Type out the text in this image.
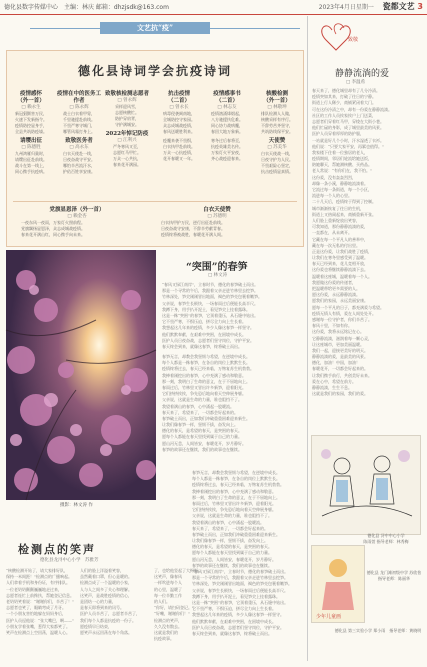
德化县数字传媒中心　主编：林庆 邮箱：dhzjsdk@163.com	2023年4月日星期一 瓷都文艺 3
文艺抗“疫”
致敬
德化县诗词学会抗疫诗词
疫情感怀
（外一首）
□ 赖永生
新冠猖獗害万民，
火速下发新指令。
疫情防控显身手，
全县共筑防疫墙。
请缨出征
□ 陈德胜
九州鸿雁归巢时，
请缨出征赴前线。
战斗在第一线上，
同心携手抗疫病。
疫情在中的医务工作者
□ 陈永辉
战士白衣着甲胄，
千里驰援赴前线。
不畏严寒守城门，
哪管风霜打身上。
致敬医务者
□ 高永东
白衣天使赴一线，
日夜奋战守平安。
哪怕辛苦流汗水，
护佑百姓享安康。
致敬核检测志愿者
□ 曾永辉
采样迎风雪，
志愿核酸忙。
防护穿肩背，
守护满城安。
2022年悼记防疫
□ 江利兴
严冬寒风又至，
志愿红马甲忙。
万众一心共抗，
春来花开满园。
抗击疫情
（二首）
□ 曾永长
病毒侵袭闽南地，
全城防控守家园。
众志成城战疫情，
春风送暖胜利来。
疫魔来袭不畏惧，
白衣执甲赴前线。
万众一心抗疫情，
花开春暖又一年。
疫情感事书
（二首）
□ 林志友
疫情汹涌烽烟起，
八方驰援扶危难。
同心协力战病魔，
春回大地万象新。
寒冬过后春将至，
抗疫英雄美名传。
万家灯火平安夜，
齐心战疫迎春来。
核酸检测
（外一首）
□ 林敬坤
排队检测人人做，
核酸采样有序行。
不辞劳苦齐坚守，
共筑防线保平安。
天使赞
□ 苏美华
白衣天使战一线，
日夜守护为人民。
不畏艰险心坚定，
抗击疫情显真情。
党旗显恩泽（外一首）
□ 赖金杏
一夜东风一夜雨，万家灯火照前程。
党旗飘扬显恩泽，众志成城战疫情。
春来花开满山红，同心携手向未来。
白衣天使赞
□ 苏德明
白衣执甲护万民，逆行出征赴前线。
日夜奋战守安康，不辞辛劳献青春。
疫情终将被战胜，春暖花开满人间。
摄影：林文涛 作
“突围”的春笋
□ 林文涛
“春风又绿江南岸”，立春时节，德化的春笋破土而出。
那是一个寻常的午后，我跟着父亲走进竹林里去挖笋。
竹林深处，笋尖刚刚冒出地面，褐色的笋壳包裹着嫩笋。
父亲说，春笋生长极快，一场春雨过后便能长高半尺。
我蹲下身，用手扒开泥土，看见笋尖上挂着露珠。
这是一株“突围”的春笋，它顶着重压，从石缝中钻出。
它不畏严寒，不惧压迫，拼尽全力向上生长着。
我想起这几年来的疫情，多少人像这春笋一样坚守。
他们默默奉献，在艰难中突围，在困境中成长。
医护人员日夜奋战，志愿者们坚守岗位，守护平安。
春天终会到来，就像这春笋，终将破土而出。
春笋无言，却教会我坚韧与希望，在逆境中成长。
每个人都是一株春笋，在各自的岗位上默默生长。
疫情终将过去，春天已经来临，万物复苏生机勃勃。
我捧着刚挖出的春笋，心中充满了感动和敬意。
那一刻，我明白了生命的意义，在于不屈地向上。
春雨过后，竹林里又冒出许多新笋，迎着阳光。
它们挤挤挨挨，争先恐后地向着天空伸展身躯。
父亲说，这就是生命的力量，谁也阻挡不了。
我望着满山的春笋，心中涌起一股暖流。
春天来了，希望来了，一切都会好起来的。
春笋破土而出，正如我们冲破重重困难迎来新生。
让我们像春笋一样，坚韧不拔，奋发向上。
德化的春天，是希望的春天，是突围的春天。
愿每个人都能在春天里找到属于自己的力量。
愿山河无恙，人间皆安，春暖花开，岁月静好。
春笋的故事还在继续，我们的故事也在继续。
检测点的笑声
德化县龙浔中心小学　苏雅芳
“核酸检测开始了，请大家排好队，
保持一米间距！”检测点的广播响起。
人们拿着手机和身份证，有序排队。
一位老奶奶颤颤巍巍地走过来，
志愿者连忙上前搀扶，帮她登记信息。
老奶奶笑着说：“谢谢你们，辛苦了！”
志愿者也笑了，眼睛弯成了月牙。
一个小朋友害怕地躲在妈妈身后，
医护人员逗他说：“张大嘴巴，啊——”
小朋友学着张嘴，惹得大家都笑了。
笑声在检测点上空回荡，温暖人心。
人们的脸上洋溢着笑容，
虽然戴着口罩，但心是暖的。
检测点成了一个温暖的小家，
人与人之间多了关心和理解。
这笑声，是战胜疫情的信心，
是团结一心的力量，
是春天即将到来的讯号。
医护人员辛苦了，志愿者辛苦了，
我们每个人都是抗疫的一份子。
愿疫情早日结束，
愿笑声永远回荡在每个角落。
了，也给他竖起了大拇指。
这笑声，像春风
一样吹进每个人
的心里，温暖了
每一位辛勤工作
的人们。
“你好，请扫码登记。”
“好嘞，谢谢你们！”
检测点的笑声，
久久没有散去。
这就是我们的
抗疫故事。
春笋无言，却教会我坚韧与希望，在逆境中成长。
每个人都是一株春笋，在各自的岗位上默默生长。
疫情终将过去，春天已经来临，万物复苏生机勃勃。
我捧着刚挖出的春笋，心中充满了感动和敬意。
那一刻，我明白了生命的意义，在于不屈地向上。
春雨过后，竹林里又冒出许多新笋，迎着阳光。
它们挤挤挨挨，争先恐后地向着天空伸展身躯。
父亲说，这就是生命的力量，谁也阻挡不了。
我望着满山的春笋，心中涌起一股暖流。
春天来了，希望来了，一切都会好起来的。
春笋破土而出，正如我们冲破重重困难迎来新生。
让我们像春笋一样，坚韧不拔，奋发向上。
德化的春天，是希望的春天，是突围的春天。
愿每个人都能在春天里找到属于自己的力量。
愿山河无恙，人间皆安，春暖花开，岁月静好。
春笋的故事还在继续，我们的故事也在继续。
“春风又绿江南岸”，立春时节，德化的春笋破土而出。
那是一个寻常的午后，我跟着父亲走进竹林里去挖笋。
竹林深处，笋尖刚刚冒出地面，褐色的笋壳包裹着嫩笋。
父亲说，春笋生长极快，一场春雨过后便能长高半尺。
我蹲下身，用手扒开泥土，看见笋尖上挂着露珠。
这是一株“突围”的春笋，它顶着重压，从石缝中钻出。
它不畏严寒，不惧压迫，拼尽全力向上生长着。
我想起这几年来的疫情，多少人像这春笋一样坚守。
他们默默奉献，在艰难中突围，在困境中成长。
医护人员日夜奋战，志愿者们坚守岗位，守护平安。
春天终会到来，就像这春笋，终将破土而出。
静静流淌的爱
□ 李温希
春天来了，德化城里却有了几分冷清。
疫情突如其来，打破了往日的宁静。
街道上行人稀少，商铺紧闭着大门。
可在这份冷清之中，却有一份爱在静静流淌。
社区的工作人员挨家挨户上门送菜，
志愿者们穿着红马甲，穿梭在大街小巷。
他们忙碌的身影，成了城里最美的风景。
医护人员穿着厚厚的防护服，
一站就是好几个小时，汗水湿透了衣衫。
他们说：“只要大家平安，再累也值得。”
我家楼下住着一位独居的老人，
疫情期间，邻居们轮流给她送饭，
陪她聊天，帮她测核酸、买药品。
老人常说：“有你们在，我不怕。”
这份爱，没有轰轰烈烈，
却像一条小溪，静静地流淌着。
它流过每一条街道，每一个小区，
流进每一个人的心里。
二十几天后，疫情终于得到了控制。
城市渐渐恢复了往日的生机，
街道上又热闹起来，商铺重新开张。
人们脸上重新绽放出笑容，
可我知道，那份静静流淌的爱，
一直都在，从未离开。
它藏在每一个平凡人的善举中，
藏在每一次无私的付出里。
正是这份爱，让我们战胜了疫情，
让我们在寒冬里感受到了温暖。
春天已经到来，花儿竞相开放，
这份爱也将继续静静流淌下去。
温暖着这座城，温暖着每一个人。
我愿做这份爱的传递者，
把温暖带给更多需要的人。
愿这份爱，永远静静流淌。
愿我们的家园，永远美丽安康。
愿每一个平凡的日子，都充满爱与希望。
疫情无情人有情，爱在人间处处开。
感谢每一位守护者，你们辛苦了。
春风十里，不如有你。
这份爱，我将永远铭记在心。
它静静流淌，滋润着每一颗心灵，
让这座城市，更加美丽温暖。
我们一起，迎接更美好的明天。
静静流淌的爱，是最美的风景。
德化，加油！中国，加油！
春暖花开，一切都会好起来的。
让我们携手前行，共创美好未来。
爱在心中，希望在前方。
静静流淌，生生不息。
这就是我们的家园，我们的爱。
德化县 浔中中心小学
陈雨萱 指导老师：林秀梅
少年儿童画
德化县 龙门滩初级中学 苏欣怡 指导老师：陈丽华
德化县 第三实验小学 郑小雨　指导老师：黄晓明
